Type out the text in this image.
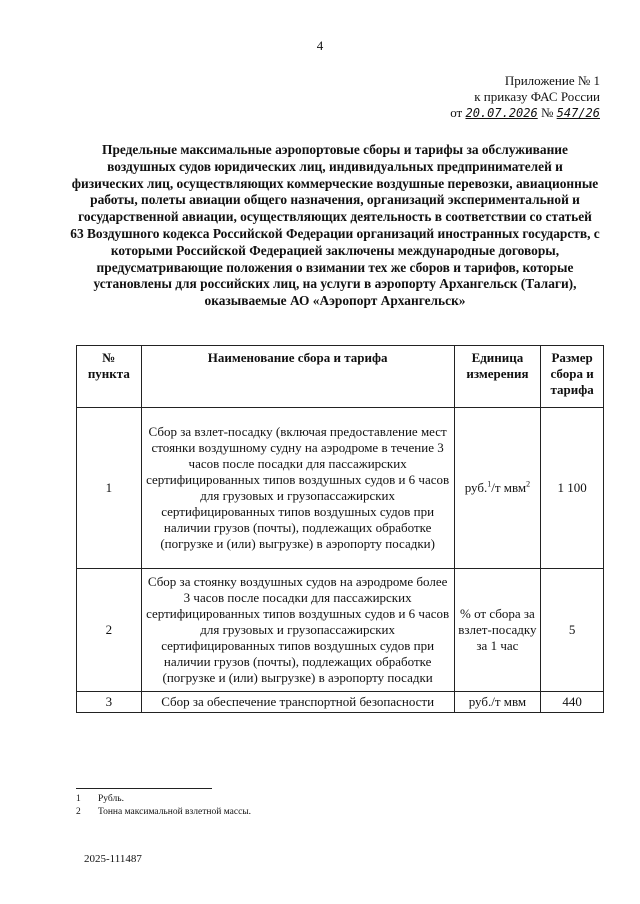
4
Приложение № 1
к приказу ФАС России
от 20.07.2026 № 547/26
Предельные максимальные аэропортовые сборы и тарифы за обслуживание воздушных судов юридических лиц, индивидуальных предпринимателей и физических лиц, осуществляющих коммерческие воздушные перевозки, авиационные работы, полеты авиации общего назначения, организаций экспериментальной и государственной авиации, осуществляющих деятельность в соответствии со статьей 63 Воздушного кодекса Российской Федерации организаций иностранных государств, с которыми Российской Федерацией заключены международные договоры, предусматривающие положения о взимании тех же сборов и тарифов, которые установлены для российских лиц, на услуги в аэропорту Архангельск (Талаги), оказываемые АО «Аэропорт Архангельск»
№ пункта	Наименование сбора и тарифа	Единица измерения	Размер сбора и тарифа
1	Сбор за взлет-посадку (включая предоставление мест стоянки воздушному судну на аэродроме в течение 3 часов после посадки для пассажирских сертифицированных типов воздушных судов и 6 часов для грузовых и грузопассажирских сертифицированных типов воздушных судов при наличии грузов (почты), подлежащих обработке (погрузке и (или) выгрузке) в аэропорту посадки)	руб.$^1$/т мвм$^2$	1 100
2	Сбор за стоянку воздушных судов на аэродроме более 3 часов после посадки для пассажирских сертифицированных типов воздушных судов и 6 часов для грузовых и грузопассажирских сертифицированных типов воздушных судов при наличии грузов (почты), подлежащих обработке (погрузке и (или) выгрузке) в аэропорту посадки	% от сбора за взлет-посадку за 1 час	5
3	Сбор за обеспечение транспортной безопасности	руб./т мвм	440
1 Рубль.
2 Тонна максимальной взлетной массы.
2025-111487
